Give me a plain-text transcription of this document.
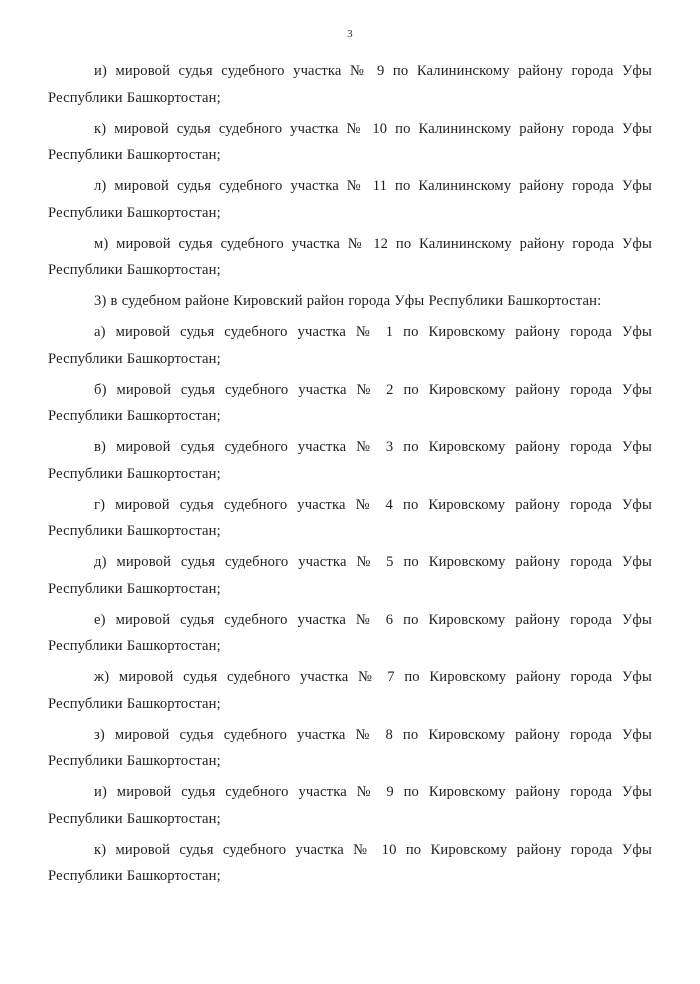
3

и) мировой судья судебного участка № 9 по Калининскому району города Уфы Республики Башкортостан;

к) мировой судья судебного участка № 10 по Калининскому району города Уфы Республики Башкортостан;

л) мировой судья судебного участка № 11 по Калининскому району города Уфы Республики Башкортостан;

м) мировой судья судебного участка № 12 по Калининскому району города Уфы Республики Башкортостан;

3) в судебном районе Кировский район города Уфы Республики Башкортостан:

а) мировой судья судебного участка № 1 по Кировскому району города Уфы Республики Башкортостан;

б) мировой судья судебного участка № 2 по Кировскому району города Уфы Республики Башкортостан;

в) мировой судья судебного участка № 3 по Кировскому району города Уфы Республики Башкортостан;

г) мировой судья судебного участка № 4 по Кировскому району города Уфы Республики Башкортостан;

д) мировой судья судебного участка № 5 по Кировскому району города Уфы Республики Башкортостан;

е) мировой судья судебного участка № 6 по Кировскому району города Уфы Республики Башкортостан;

ж) мировой судья судебного участка № 7 по Кировскому району города Уфы Республики Башкортостан;

з) мировой судья судебного участка № 8 по Кировскому району города Уфы Республики Башкортостан;

и) мировой судья судебного участка № 9 по Кировскому району города Уфы Республики Башкортостан;

к) мировой судья судебного участка № 10 по Кировскому району города Уфы Республики Башкортостан;
